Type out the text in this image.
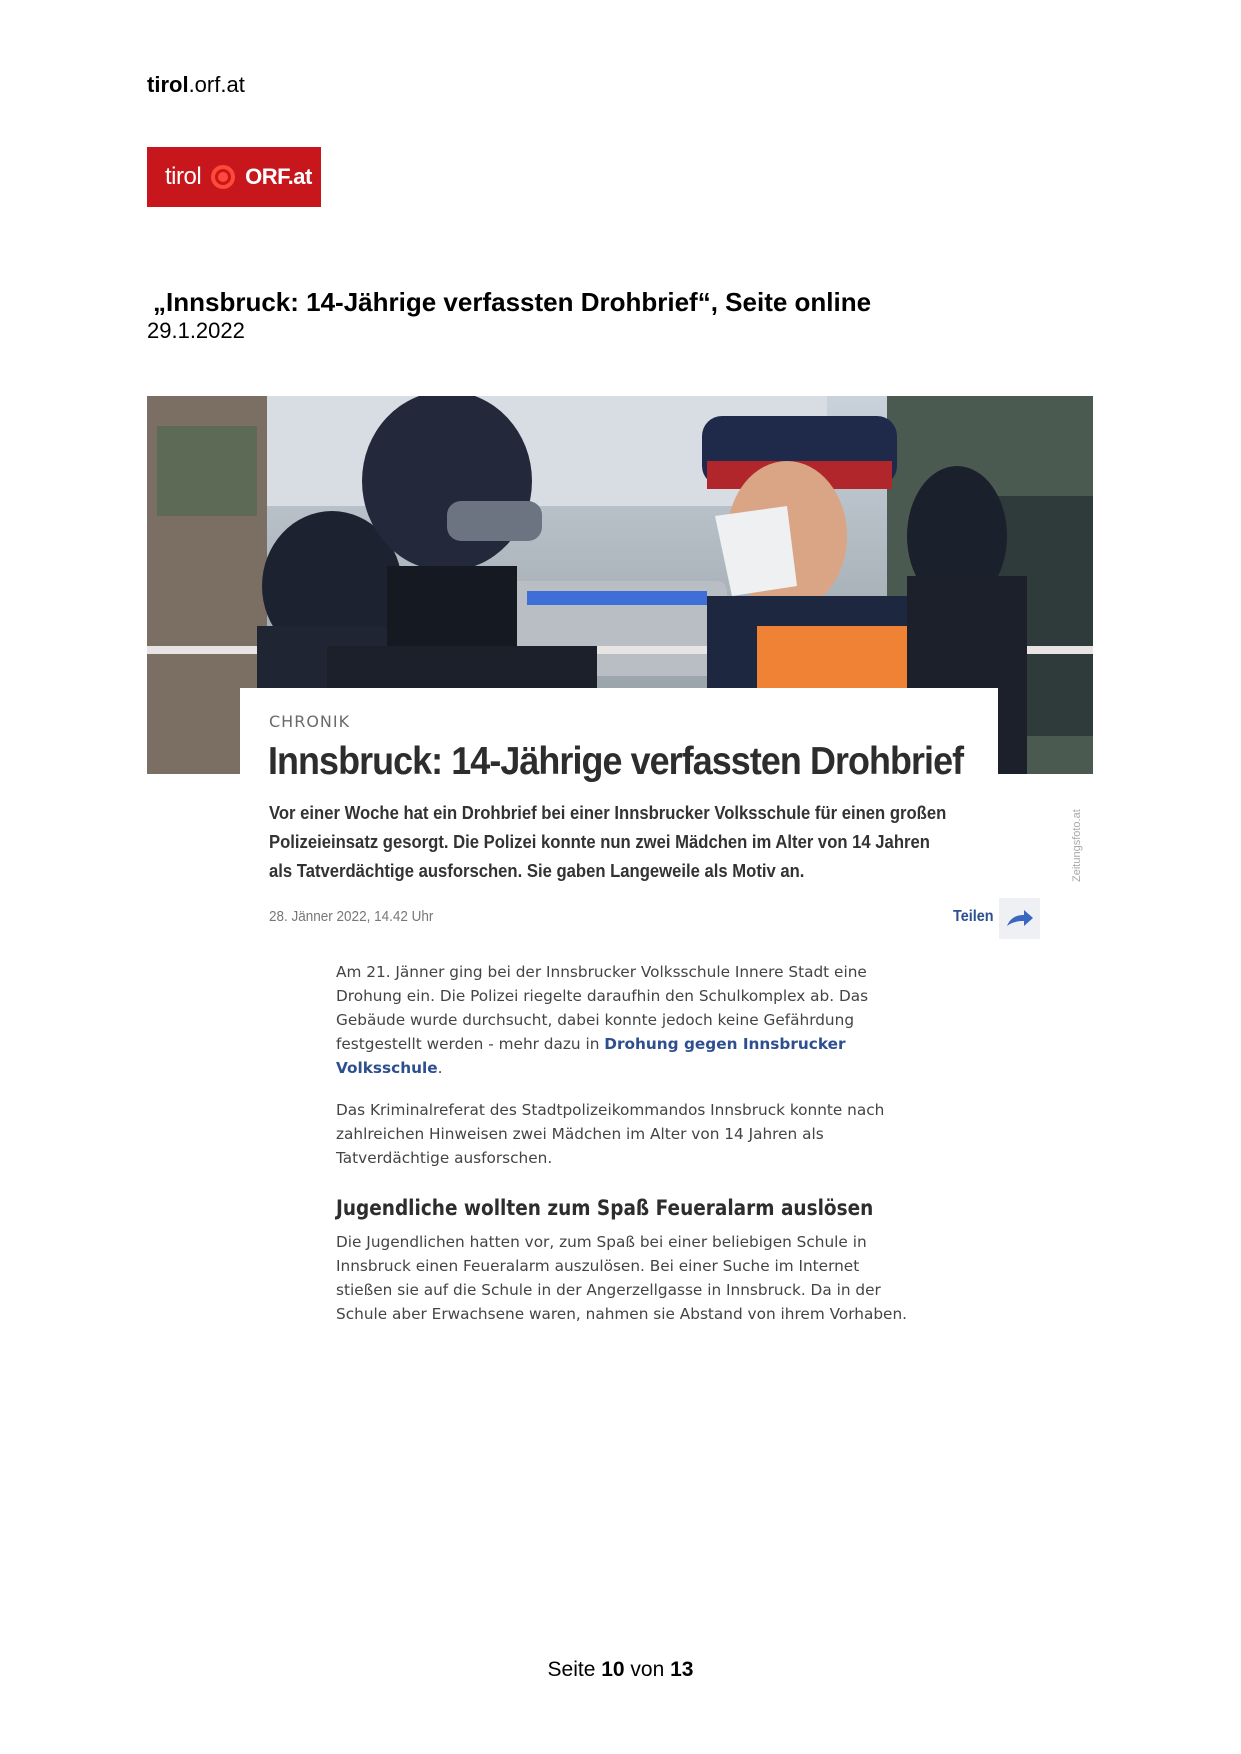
tirol.orf.at
tirol ORF.at
„Innsbruck: 14-Jährige verfassten Drohbrief“, Seite online
29.1.2022
CHRONIK
Innsbruck: 14-Jährige verfassten Drohbrief
Vor einer Woche hat ein Drohbrief bei einer Innsbrucker Volksschule für einen großen Polizeieinsatz gesorgt. Die Polizei konnte nun zwei Mädchen im Alter von 14 Jahren als Tatverdächtige ausforschen. Sie gaben Langeweile als Motiv an.	Zeitungsfoto.at
28. Jänner 2022, 14.42 Uhr	Teilen
Am 21. Jänner ging bei der Innsbrucker Volksschule Innere Stadt eine Drohung ein. Die Polizei riegelte daraufhin den Schulkomplex ab. Das Gebäude wurde durchsucht, dabei konnte jedoch keine Gefährdung festgestellt werden - mehr dazu in Drohung gegen Innsbrucker Volksschule.
Das Kriminalreferat des Stadtpolizeikommandos Innsbruck konnte nach zahlreichen Hinweisen zwei Mädchen im Alter von 14 Jahren als Tatverdächtige ausforschen.
Jugendliche wollten zum Spaß Feueralarm auslösen
Die Jugendlichen hatten vor, zum Spaß bei einer beliebigen Schule in Innsbruck einen Feueralarm auszulösen. Bei einer Suche im Internet stießen sie auf die Schule in der Angerzellgasse in Innsbruck. Da in der Schule aber Erwachsene waren, nahmen sie Abstand von ihrem Vorhaben.
Seite 10 von 13
